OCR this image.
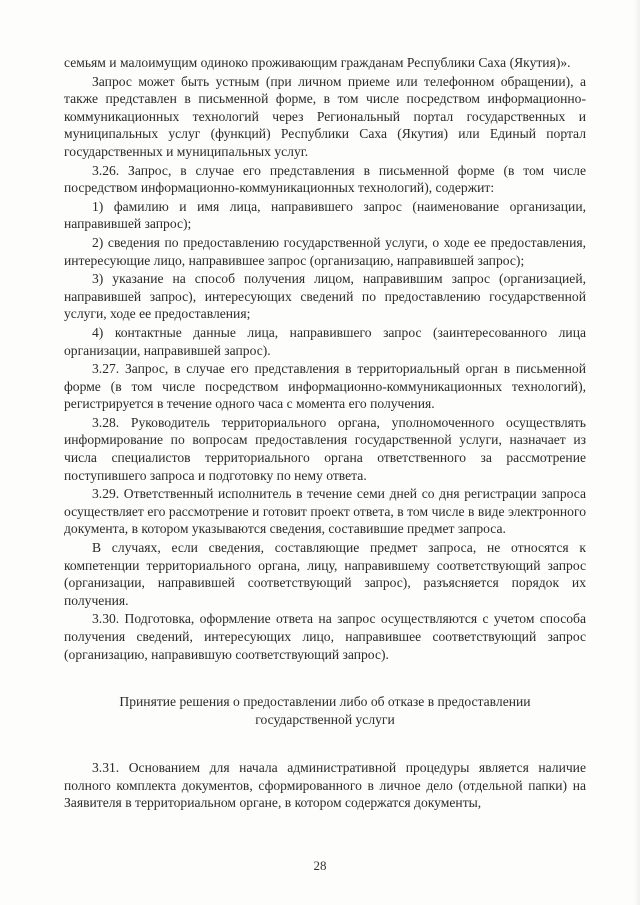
семьям и малоимущим одиноко проживающим гражданам Республики Саха (Якутия)».

Запрос может быть устным (при личном приеме или телефонном обращении), а также представлен в письменной форме, в том числе посредством информационно-коммуникационных технологий через Региональный портал государственных и муниципальных услуг (функций) Республики Саха (Якутия) или Единый портал государственных и муниципальных услуг.

3.26. Запрос, в случае его представления в письменной форме (в том числе посредством информационно-коммуникационных технологий), содержит:

1) фамилию и имя лица, направившего запрос (наименование организации, направившей запрос);

2) сведения по предоставлению государственной услуги, о ходе ее предоставления, интересующие лицо, направившее запрос (организацию, направившей запрос);

3) указание на способ получения лицом, направившим запрос (организацией, направившей запрос), интересующих сведений по предоставлению государственной услуги, ходе ее предоставления;

4) контактные данные лица, направившего запрос (заинтересованного лица организации, направившей запрос).

3.27. Запрос, в случае его представления в территориальный орган в письменной форме (в том числе посредством информационно-коммуникационных технологий), регистрируется в течение одного часа с момента его получения.

3.28. Руководитель территориального органа, уполномоченного осуществлять информирование по вопросам предоставления государственной услуги, назначает из числа специалистов территориального органа ответственного за рассмотрение поступившего запроса и подготовку по нему ответа.

3.29. Ответственный исполнитель в течение семи дней со дня регистрации запроса осуществляет его рассмотрение и готовит проект ответа, в том числе в виде электронного документа, в котором указываются сведения, составившие предмет запроса.

В случаях, если сведения, составляющие предмет запроса, не относятся к компетенции территориального органа, лицу, направившему соответствующий запрос (организации, направившей соответствующий запрос), разъясняется порядок их получения.

3.30. Подготовка, оформление ответа на запрос осуществляются с учетом способа получения сведений, интересующих лицо, направившее соответствующий запрос (организацию, направившую соответствующий запрос).

Принятие решения о предоставлении либо об отказе в предоставлении
государственной услуги

3.31. Основанием для начала административной процедуры является наличие полного комплекта документов, сформированного в личное дело (отдельной папки) на Заявителя в территориальном органе, в котором содержатся документы,

28
